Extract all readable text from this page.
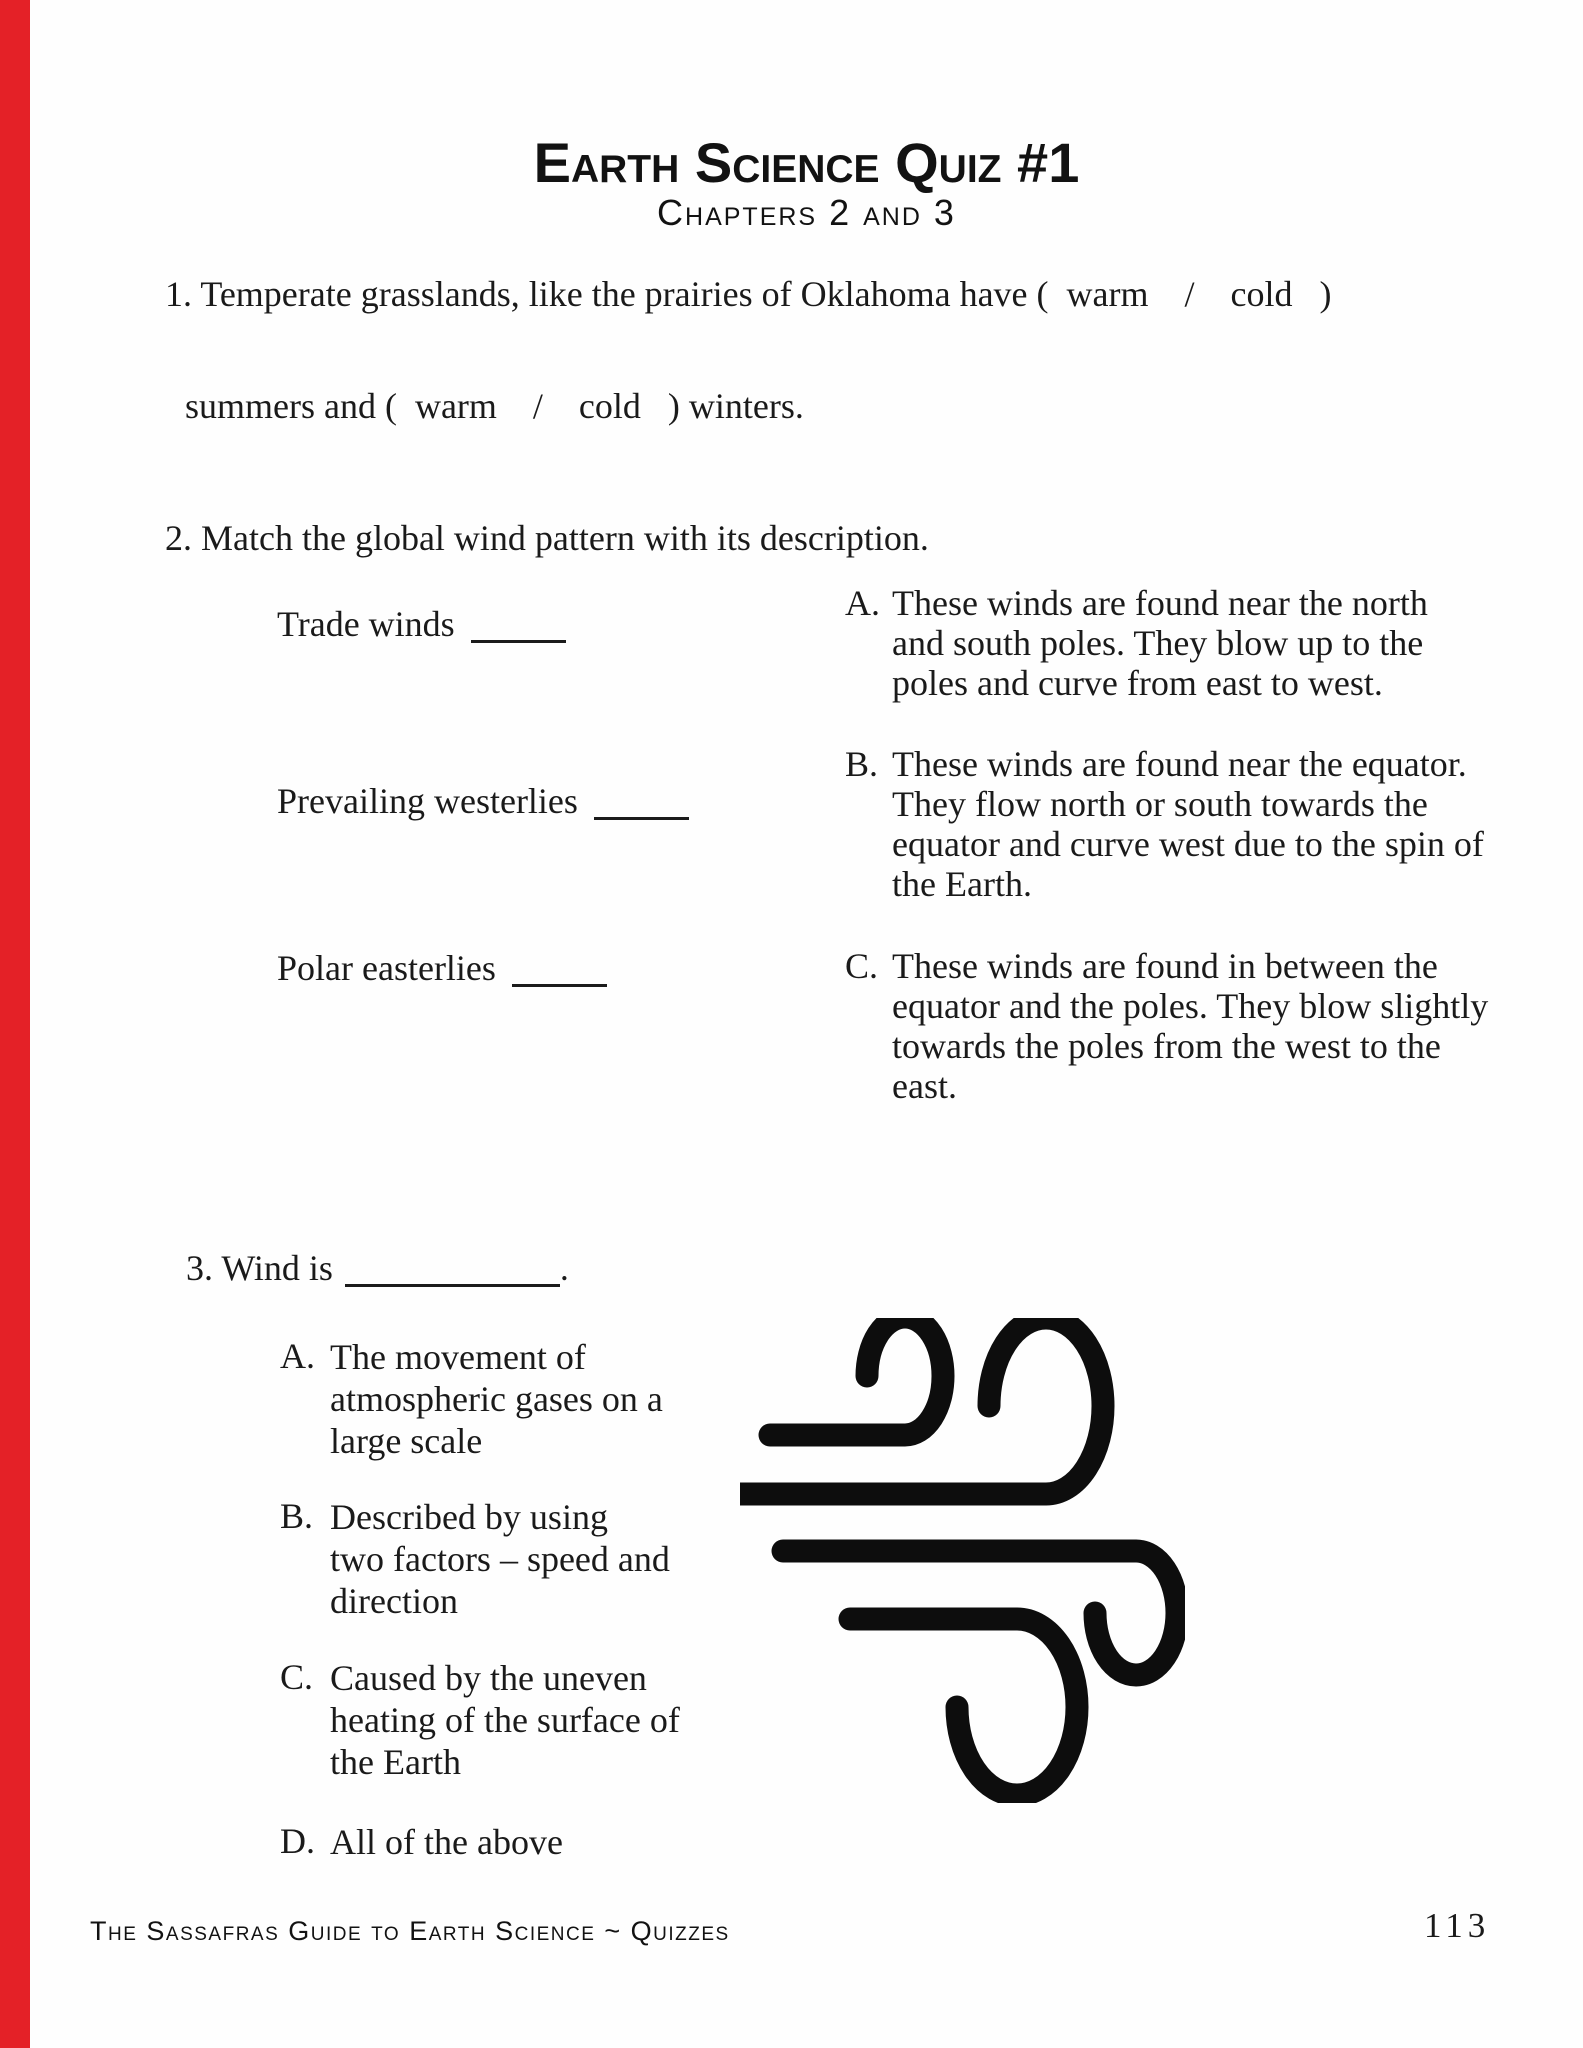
Earth Science Quiz #1
Chapters 2 and 3
1. Temperate grasslands, like the prairies of Oklahoma have (  warm    /    cold   )
summers and (  warm    /    cold   ) winters.
2. Match the global wind pattern with its description.
Trade winds
Prevailing westerlies
Polar easterlies
A. These winds are found near the north
and south poles. They blow up to the
poles and curve from east to west.
B. These winds are found near the equator.
They flow north or south towards the
equator and curve west due to the spin of
the Earth.
C. These winds are found in between the
equator and the poles. They blow slightly
towards the poles from the west to the
east.
3. Wind is	.
A. The movement of
atmospheric gases on a
large scale
B. Described by using
two factors – speed and
direction
C. Caused by the uneven
heating of the surface of
the Earth
D. All of the above
The Sassafras Guide to Earth Science ~ Quizzes	113
